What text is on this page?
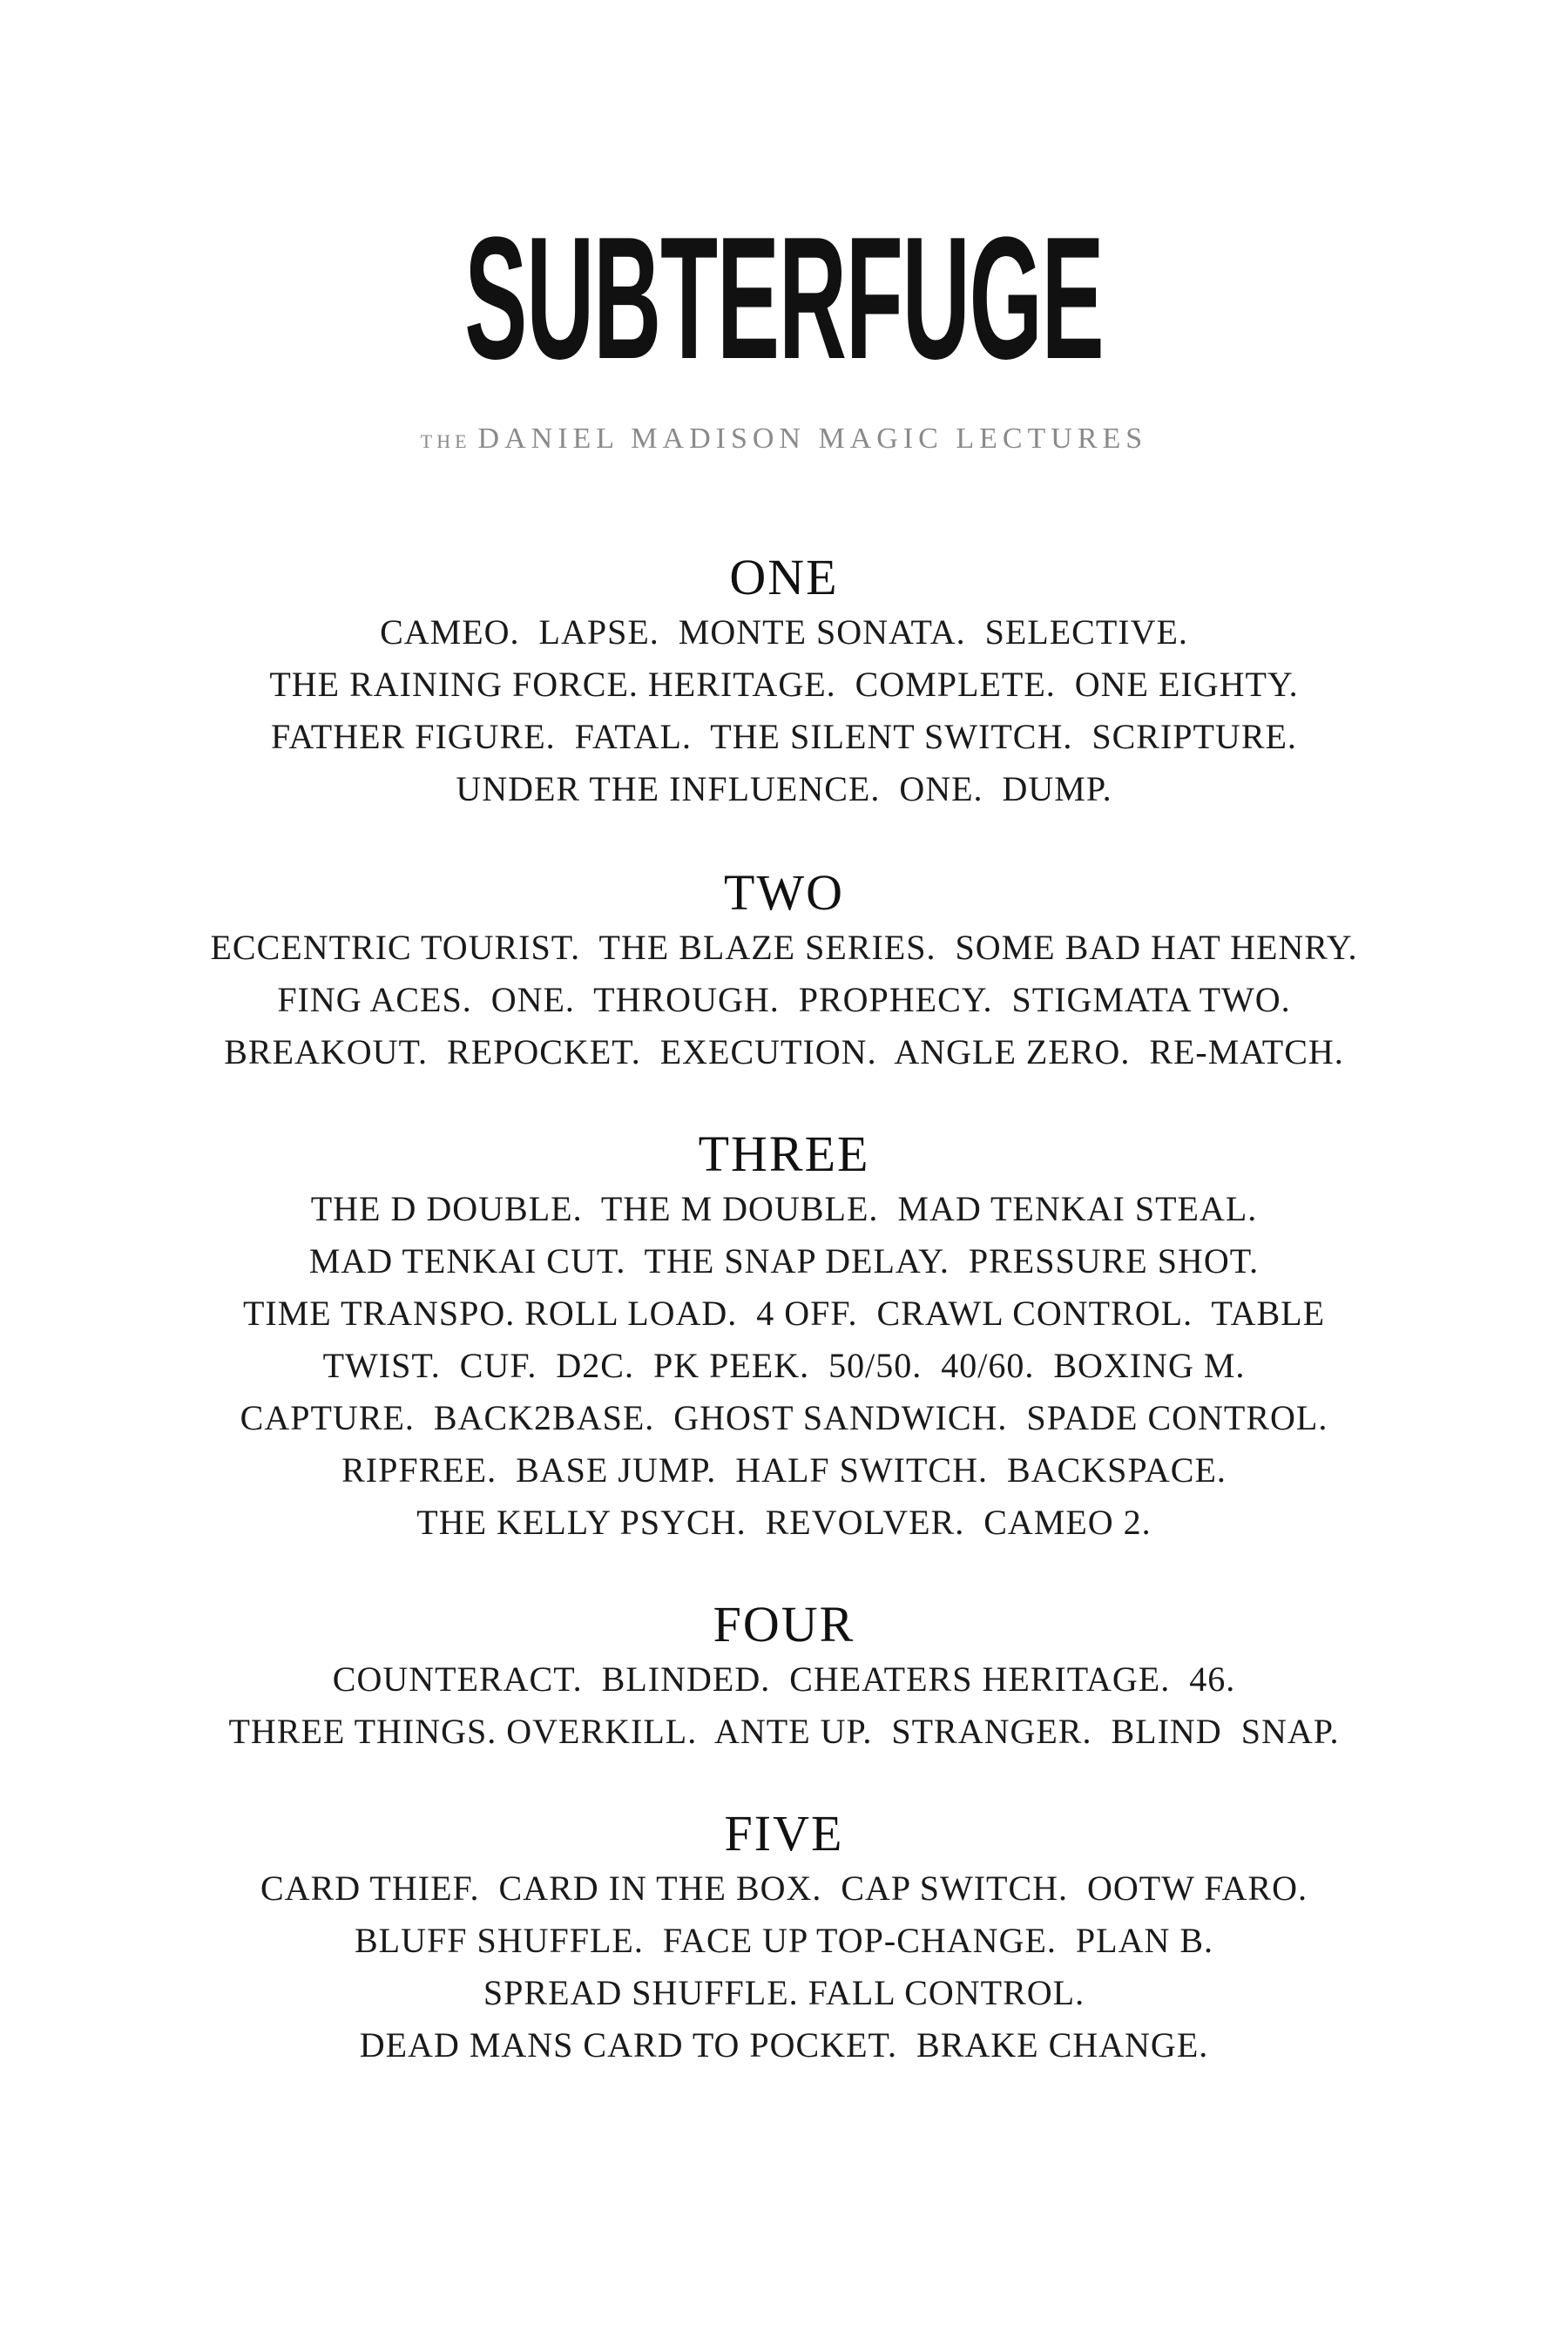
SUBTERFUGE
THE DANIEL MADISON MAGIC LECTURES
ONE
CAMEO.  LAPSE.  MONTE SONATA.  SELECTIVE.
THE RAINING FORCE. HERITAGE.  COMPLETE.  ONE EIGHTY.
FATHER FIGURE.  FATAL.  THE SILENT SWITCH.  SCRIPTURE.
UNDER THE INFLUENCE.  ONE.  DUMP.
TWO
ECCENTRIC TOURIST.  THE BLAZE SERIES.  SOME BAD HAT HENRY.
FING ACES.  ONE.  THROUGH.  PROPHECY.  STIGMATA TWO.
BREAKOUT.  REPOCKET.  EXECUTION.  ANGLE ZERO.  RE-MATCH.
THREE
THE D DOUBLE.  THE M DOUBLE.  MAD TENKAI STEAL.
MAD TENKAI CUT.  THE SNAP DELAY.  PRESSURE SHOT.
TIME TRANSPO. ROLL LOAD.  4 OFF.  CRAWL CONTROL.  TABLE
TWIST.  CUF.  D2C.  PK PEEK.  50/50.  40/60.  BOXING M.
CAPTURE.  BACK2BASE.  GHOST SANDWICH.  SPADE CONTROL.
RIPFREE.  BASE JUMP.  HALF SWITCH.  BACKSPACE.
THE KELLY PSYCH.  REVOLVER.  CAMEO 2.
FOUR
COUNTERACT.  BLINDED.  CHEATERS HERITAGE.  46.
THREE THINGS. OVERKILL.  ANTE UP.  STRANGER.  BLIND  SNAP.
FIVE
CARD THIEF.  CARD IN THE BOX.  CAP SWITCH.  OOTW FARO.
BLUFF SHUFFLE.  FACE UP TOP-CHANGE.  PLAN B.
SPREAD SHUFFLE. FALL CONTROL.
DEAD MANS CARD TO POCKET.  BRAKE CHANGE.
